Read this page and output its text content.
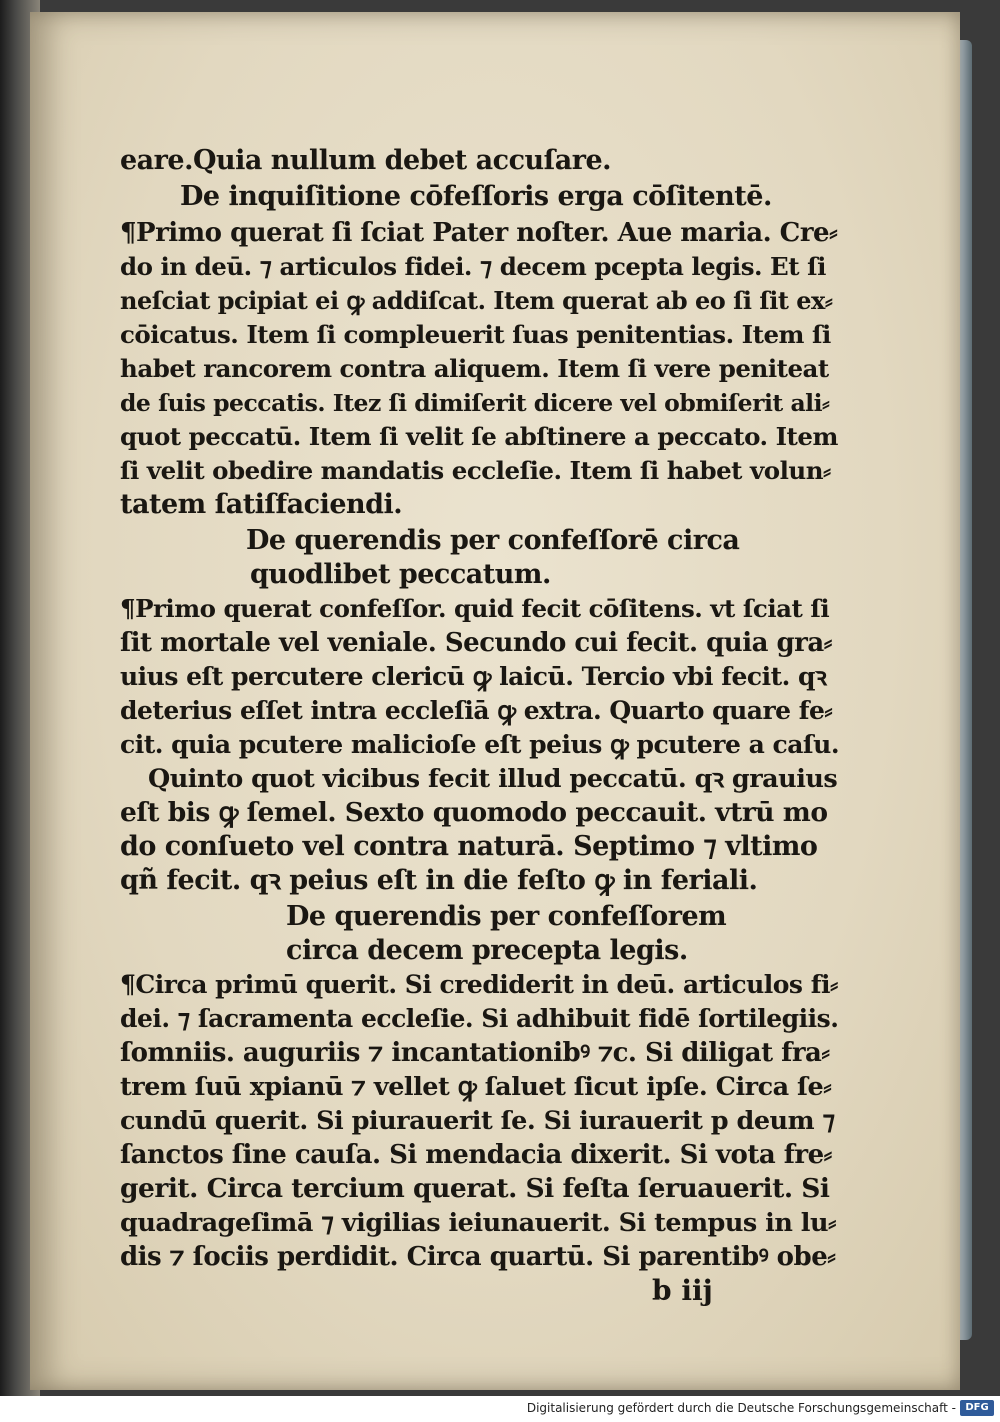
eare.Quia nullum debet accuſare.
De inquiſitione cōfeſſoris erga cōſitentē.
¶Primo querat ſi ſciat Pater noſter. Aue maria. Cre⸗
do in deū. ⁊ articulos fidei. ⁊ decem pcepta legis. Et ſi
neſciat pcipiat ei ꝙ addiſcat. Item querat ab eo ſi ſit ex⸗
cōicatus. Item ſi compleuerit ſuas penitentias. Item ſi
habet rancorem contra aliquem. Item ſi vere peniteat
de ſuis peccatis. Itez ſi dimiſerit dicere vel obmiſerit ali⸗
quot peccatū. Item ſi velit ſe abſtinere a peccato. Item
ſi velit obedire mandatis eccleſie. Item ſi habet volun⸗
tatem ſatiſfaciendi.
De querendis per confeſſorē circa
quodlibet peccatum.
¶Primo querat confeſſor. quid fecit cōſitens. vt ſciat ſi
ſit mortale vel veniale. Secundo cui fecit. quia gra⸗
uius eſt percutere clericū ꝙ laicū. Tercio vbi fecit. qꝛ
deterius eſſet intra eccleſiā ꝙ extra. Quarto quare fe⸗
cit. quia pcutere malicioſe eſt peius ꝙ pcutere a caſu.
Quinto quot vicibus fecit illud peccatū. qꝛ grauius
eſt bis ꝙ ſemel. Sexto quomodo peccauit. vtrū mo
do conſueto vel contra naturā. Septimo ⁊ vltimo
qñ fecit. qꝛ peius eſt in die feſto ꝙ in feriali.
De querendis per confeſſorem
circa decem precepta legis.
¶Circa primū querit. Si crediderit in deū. articulos fi⸗
dei. ⁊ ſacramenta eccleſie. Si adhibuit fidē ſortilegiis.
ſomniis. auguriis ⁊ incantationibꝰ ⁊c. Si diligat fra⸗
trem ſuū xpianū ⁊ vellet ꝙ ſaluet ſicut ipſe. Circa ſe⸗
cundū querit. Si piurauerit ſe. Si iurauerit p deum ⁊
ſanctos ſine cauſa. Si mendacia dixerit. Si vota fre⸗
gerit. Circa tercium querat. Si feſta ſeruauerit. Si
quadrageſimā ⁊ vigilias ieiunauerit. Si tempus in lu⸗
dis ⁊ ſociis perdidit. Circa quartū. Si parentibꝰ obe⸗
b iij
Digitalisierung gefördert durch die Deutsche Forschungsgemeinschaft - DFG
